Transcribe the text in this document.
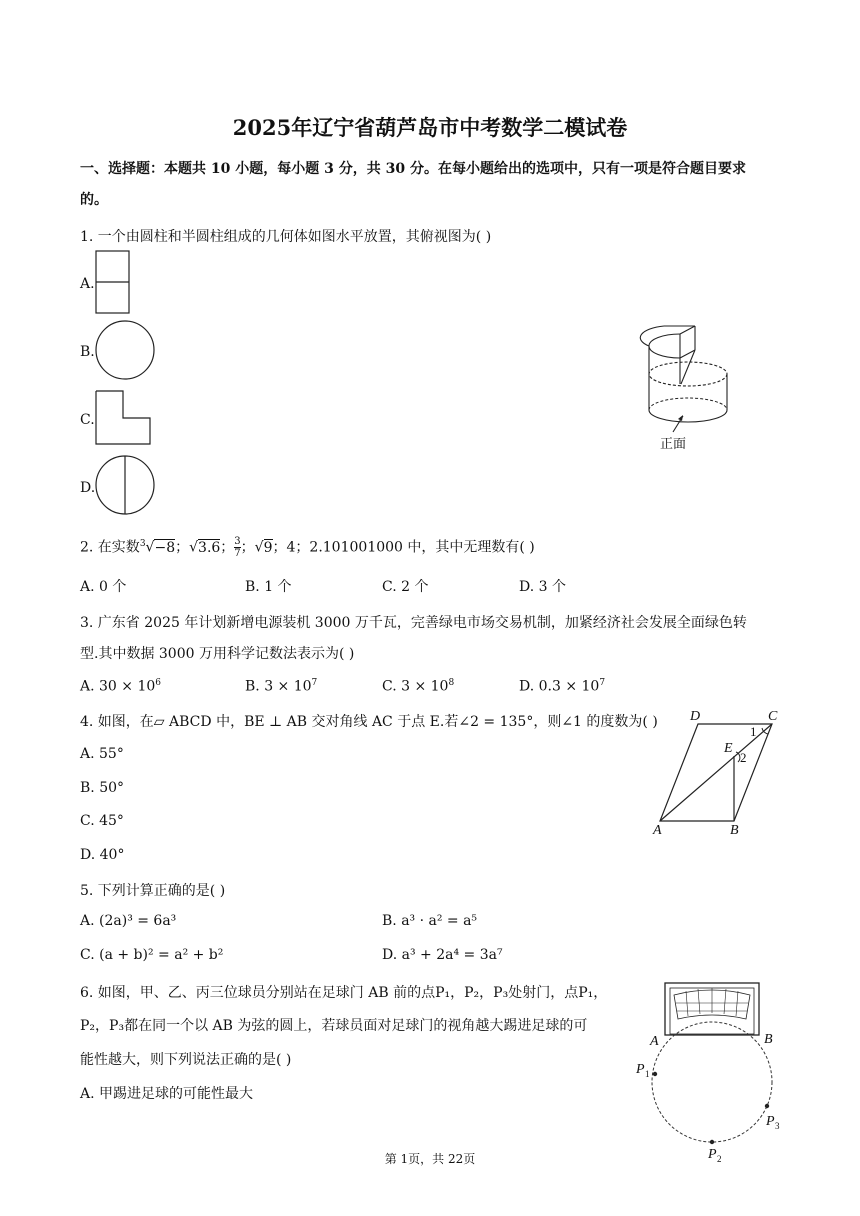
2025年辽宁省葫芦岛市中考数学二模试卷
一、选择题：本题共 10 小题，每小题 3 分，共 30 分。在每小题给出的选项中，只有一项是符合题目要求
的。
1. 一个由圆柱和半圆柱组成的几何体如图水平放置，其俯视图为( )
A.
B.
C.
D.
正面
2. 在实数$^3$√−8；√3.6； $\frac{3}{7}$ ；√9；4；2.101001000 中，其中无理数有( )
A. 0 个	B. 1 个	C. 2 个	D. 3 个
3. 广东省 2025 年计划新增电源装机 3000 万千瓦，完善绿电市场交易机制，加紧经济社会发展全面绿色转
型.其中数据 3000 万用科学记数法表示为( )
A. $30 \times 10^6$	B. $3 \times 10^7$	C. $3 \times 10^8$	D. $0.3 \times 10^7$
4. 如图，在▱ ABCD 中，BE ⊥ AB 交对角线 AC 于点 E.若∠2 = 135°，则∠1 的度数为( )
A. 55°
B. 50°
C. 45°
D. 40°
A	B
C
D
E
1
2
5. 下列计算正确的是( )
A. (2a)³ = 6a³	B. a³ · a² = a⁵
C. (a + b)² = a² + b²	D. a³ + 2a⁴ = 3a⁷
6. 如图，甲、乙、丙三位球员分别站在足球门 AB 前的点P₁，P₂，P₃处射门，点P₁，
P₂，P₃都在同一个以 AB 为弦的圆上，若球员面对足球门的视角越大踢进足球的可
能性越大，则下列说法正确的是( )
A. 甲踢进足球的可能性最大
A	B
P 1
P 2
P 3
第 1页，共 22页
